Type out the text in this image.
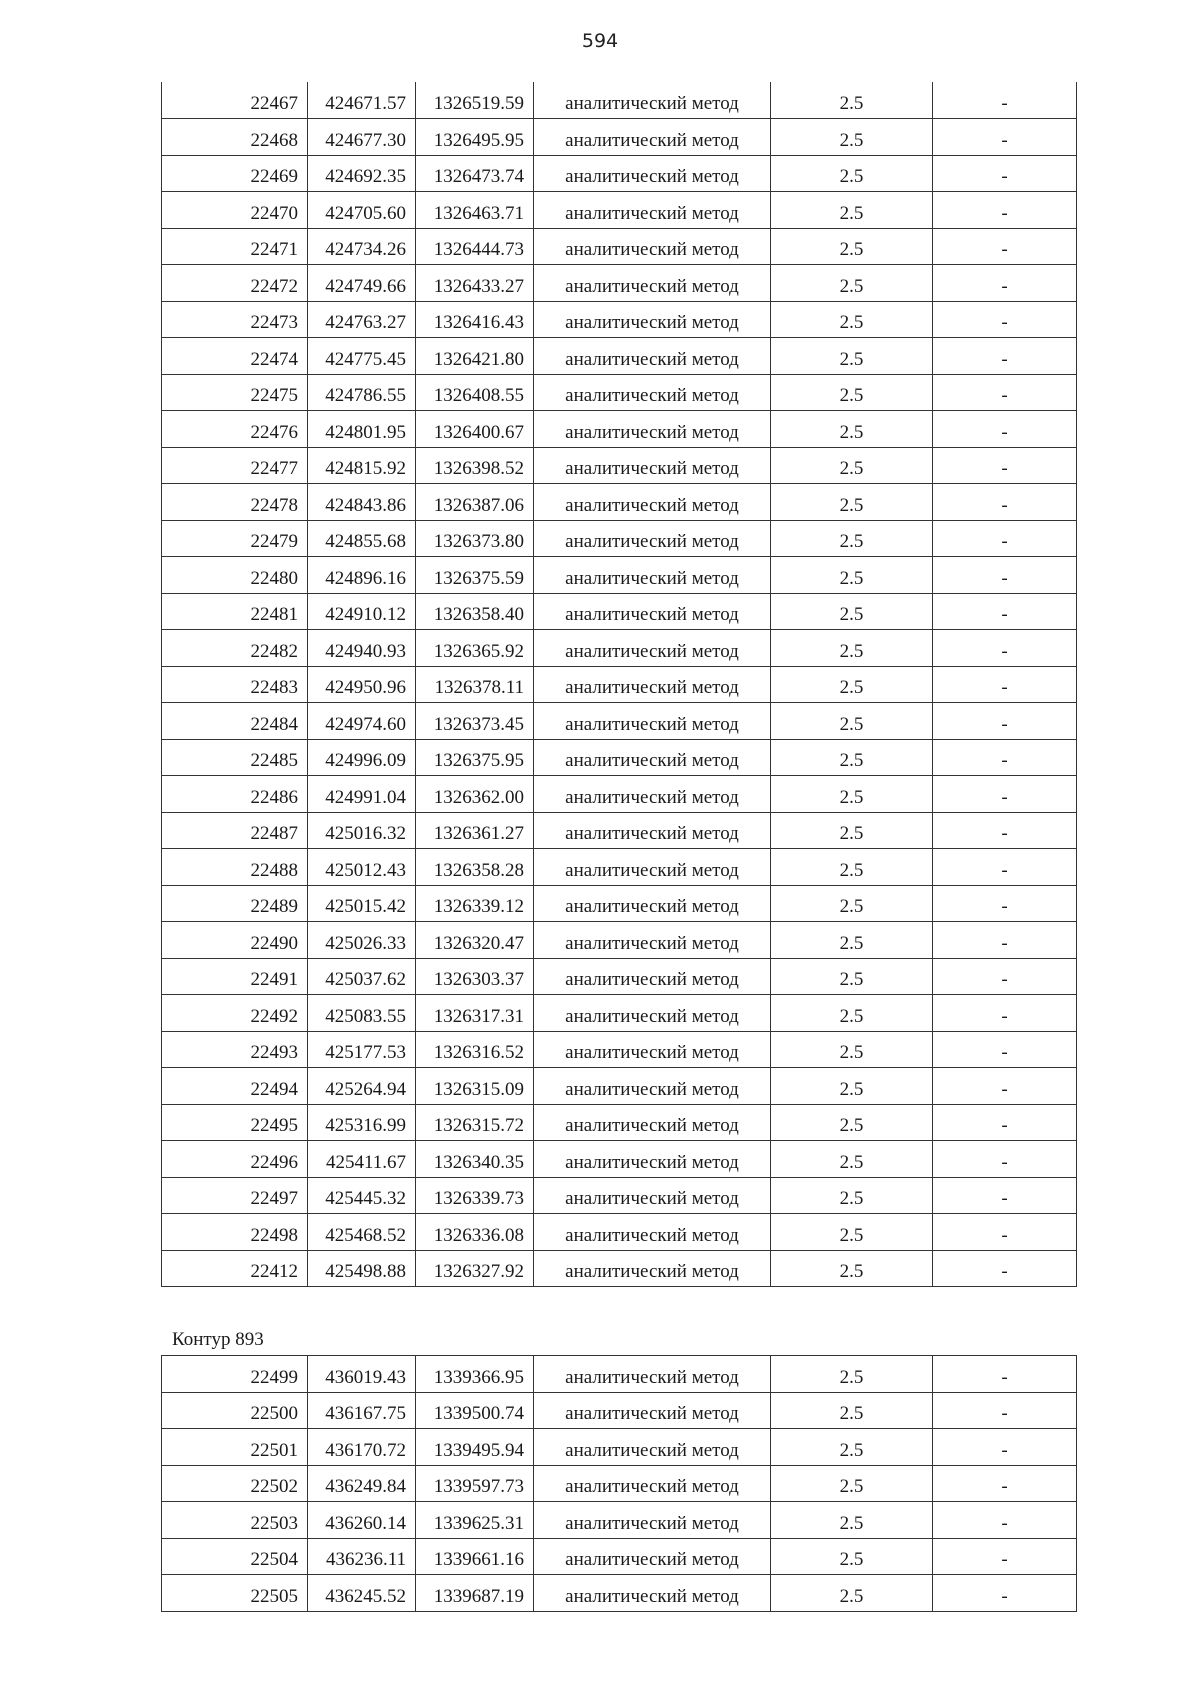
594
22467	424671.57	1326519.59	аналитический метод	2.5	-
22468	424677.30	1326495.95	аналитический метод	2.5	-
22469	424692.35	1326473.74	аналитический метод	2.5	-
22470	424705.60	1326463.71	аналитический метод	2.5	-
22471	424734.26	1326444.73	аналитический метод	2.5	-
22472	424749.66	1326433.27	аналитический метод	2.5	-
22473	424763.27	1326416.43	аналитический метод	2.5	-
22474	424775.45	1326421.80	аналитический метод	2.5	-
22475	424786.55	1326408.55	аналитический метод	2.5	-
22476	424801.95	1326400.67	аналитический метод	2.5	-
22477	424815.92	1326398.52	аналитический метод	2.5	-
22478	424843.86	1326387.06	аналитический метод	2.5	-
22479	424855.68	1326373.80	аналитический метод	2.5	-
22480	424896.16	1326375.59	аналитический метод	2.5	-
22481	424910.12	1326358.40	аналитический метод	2.5	-
22482	424940.93	1326365.92	аналитический метод	2.5	-
22483	424950.96	1326378.11	аналитический метод	2.5	-
22484	424974.60	1326373.45	аналитический метод	2.5	-
22485	424996.09	1326375.95	аналитический метод	2.5	-
22486	424991.04	1326362.00	аналитический метод	2.5	-
22487	425016.32	1326361.27	аналитический метод	2.5	-
22488	425012.43	1326358.28	аналитический метод	2.5	-
22489	425015.42	1326339.12	аналитический метод	2.5	-
22490	425026.33	1326320.47	аналитический метод	2.5	-
22491	425037.62	1326303.37	аналитический метод	2.5	-
22492	425083.55	1326317.31	аналитический метод	2.5	-
22493	425177.53	1326316.52	аналитический метод	2.5	-
22494	425264.94	1326315.09	аналитический метод	2.5	-
22495	425316.99	1326315.72	аналитический метод	2.5	-
22496	425411.67	1326340.35	аналитический метод	2.5	-
22497	425445.32	1326339.73	аналитический метод	2.5	-
22498	425468.52	1326336.08	аналитический метод	2.5	-
22412	425498.88	1326327.92	аналитический метод	2.5	-
Контур 893
22499	436019.43	1339366.95	аналитический метод	2.5	-
22500	436167.75	1339500.74	аналитический метод	2.5	-
22501	436170.72	1339495.94	аналитический метод	2.5	-
22502	436249.84	1339597.73	аналитический метод	2.5	-
22503	436260.14	1339625.31	аналитический метод	2.5	-
22504	436236.11	1339661.16	аналитический метод	2.5	-
22505	436245.52	1339687.19	аналитический метод	2.5	-
